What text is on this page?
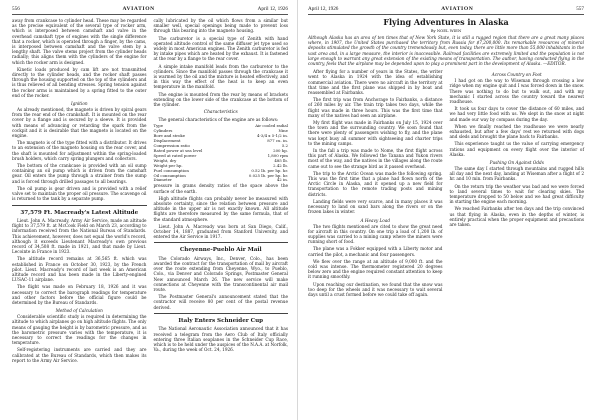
556	AVIATION	April 12, 1926

away from crankcase to cylinder head. These may be regarded as the precise equivalent of the several type of rocker arm, which is interposed between camshaft and valve in the overhead camshaft type of engines with the single difference that a rocker, which is operated through a finger, by the cams, is interposed between camshaft and the valve stem by a lengthy shaft. The valve stems project from the cylinder heads radially; this aligns them with the cylinders of the engine for which the rocker arm is designed.

Kinetic loads produced by cam lift are not transmitted directly to the cylinder heads, and the rocker shaft passes through the housing supported on the top of the cylinders and is thus relieved of all bending stresses. Spring tension against the rocker arms is maintained by a spring fitted to the outer end of the rocker.

Ignition

As already mentioned, the magneto is driven by spiral gears from the rear end of the crankshaft. It is mounted on the rear cover by a flange and is secured by a sleeve. It is provided with means of advancing or retarding the spark from the cockpit and it is desirable that the magneto is located on the engine.

The magneto is of the type fitted with a distributor. It drives to an extension of the magneto housing on the rear cover, and the shaft is mounted for adjustment within the spring-loaded brush holders, which carry spring plungers and collectors.

The bottom of the crankcase is provided with an oil sump containing an oil pump which is driven from the camshaft gear. Oil enters the pump through a strainer from the sump and is forced through drilled passages to all bearings.

The oil pump is gear driven and is provided with a relief valve set to maintain the proper oil pressure. The scavenge oil is returned to the tank by a separate pump.

37,579 Ft. Macready's Latest Altitude

Lieut. John A. Macready, Army Air Service, made an altitude flight to 37,579 ft. at McCook Field on March 23, according to information received from the National Bureau of Standards. This achievement, however, does not equal the world's record, although it exceeds Lieutenant Macready's own previous record of 34,508 ft. made in 1921, and that made by Lieut. Lecointe in France in 1923.

The altitude record remains at 36,565 ft. which was established in France on October 30, 1923, by the French pilot. Lieut. Macready's record of last week is an American altitude record and has been made in the Liberty-engined LUSAC-11 airplane.

The flight was made on February 18, 1926 and it was necessary to correct the barograph readings for temperature and other factors before the official figure could be determined by the Bureau of Standards.

Method of Calculation

Considerable scientific study is required in determining the altitude to which airplanes go on high altitude flights. The only means of gauging the height is by barometric pressure, and as the barometric pressure varies with the temperature, it is necessary to correct the readings for the changes in temperature.

Self-registering instruments are carried and they are calibrated at the Bureau of Standards, which then makes its report to the Army Air Service.

cally lubricated by the oil which flows from a similar but smaller well, special openings being made to prevent loss through this bearing into the magneto housing.

The carburetor is a special type of Zenith with hand operated altitude control of the same diffuser jet type used so widely in most American engines. The Zenith carburetor is fed by intake pipes which are heated by the exhaust. It is fastened at the rear by a flange to the rear cover.

A simple intake manifold leads from the carburetor to the cylinders. Since the manifold passes through the crankcase it is warmed by the oil and the mixture is heated effectively, and in this way the effect of the heat is to keep an even temperature in the manifold.

The engine is mounted from the rear by means of brackets extending on the lower side of the crankcase at the bottom of the cylinder.

Characteristics

The general characteristics of the engine are as follows:

Type	Air cooled radial
Cylinders	Nine
Bore and stroke	4-3/4 x 5-1/2 in.
Displacement	877 cu. in.
Compression ratio	5.2
Rated power at sea level	200 hp.
Speed at rated power	1,800 rpm
Weight, dry	485 lb.
Weight per hp.	2.42 lb.
Fuel consumption	0.52 lb. per hp. hr.
Oil consumption	0.025 lb. per hp. hr.
Diameter	42 in.

pressure in grams density ratios of the space above the surface of the earth.

High altitude flights can probably never be measured with absolute certainty, since the relation between pressure and altitude in the upper air is not exactly known. All altitude flights are therefore measured by the same formula, that of the standard atmosphere.

Lieut. John A. Macready was born at San Diego, Calif., October 14, 1887, graduated from Stanford University, and entered the Air Service in 1917.

Cheyenne-Pueblo Air Mail

The Colorado Airways, Inc., Denver, Colo., has been awarded the contract for the transportation of mail by aircraft over the route extending from Cheyenne, Wyo., to Pueblo, Colo., via Denver and Colorado Springs, Postmaster General New announced March 26. The new service will make connections at Cheyenne with the transcontinental air mail route.

The Postmaster General's announcement stated that the contractor will receive 80 per cent of the postal revenue derived.

Italy Enters Schneider Cup

The National Aeronautic Association announced that it has received a telegram from the Aero Club of Italy officially entering three Italian seaplanes in the Schneider Cup Race, which is to be held under the auspices of the N.A.A. at Norfolk, Va., during the week of Oct. 24, 1926.

April 12, 1926	AVIATION	557
Flying Adventures in Alaska
By NOEL WIEN

Although Alaska has an area of ten times that of New York State, it is still a rugged region that there are a great many places where, in 1907, the United States purchased the territory from Russia for $7,200,000. Its remarkable resources of mineral deposits stimulated the growth of the country tremendously but, even today, there are little more than 55,000 inhabitants in the vast area and, in a large measure, the interior is inaccessible. Railroad facilities are extremely limited and the population is not large enough to warrant any great extension of the existing means of transportation. The author, having conducted flying in the country, feels that the airplane may be depended upon to play a prominent part in the development of Alaska. —EDITOR.

After flying for a number of years in the States, the writer went to Alaska in 1924 with the idea of establishing commercial aviation. There were no aircraft in the territory at that time and the first plane was shipped in by boat and reassembled at Fairbanks.

The first trip was from Anchorage to Fairbanks, a distance of 260 miles by air. The train trip takes two days, while the flight was made in three hours. This was the first time that many of the natives had seen an airplane.

My first flight was made in Fairbanks on July 15, 1924 over the town and the surrounding country. We soon found that there were plenty of passengers wishing to fly, and the plane was kept busy all summer with sightseeing and charter trips to the mining camps.

In the fall a trip was made to Nome, the first flight across this part of Alaska. We followed the Tanana and Yukon rivers most of the way, and the natives in the villages along the route came out to see the strange bird as it passed overhead.

The trip to the Arctic Ocean was made the following spring. This was the first time that a plane had flown north of the Arctic Circle in Alaska, and it opened up a new field for transportation to the remote trading posts and mining districts.

Landing fields were very scarce, and in many places it was necessary to land on sand bars along the rivers or on the frozen lakes in winter.

A Heavy Load

The two flights mentioned are cited to show the great need for aircraft in this country. On one trip a load of 1,200 lb. of supplies was carried to a mining camp where the miners were running short of food.

The plane was a Fokker equipped with a Liberty motor and carried the pilot, a mechanic and four passengers.

We flew over the range at an altitude of 9,000 ft. and the cold was intense. The thermometer registered 20 degrees below zero and the engine required constant attention to keep it running smoothly.

Upon reaching our destination, we found that the snow was too deep for the wheels and it was necessary to wait several days until a crust formed before we could take off again.

Across Country on Foot

I had got on the way to Wiseman through crossing a low ridge when my engine quit and I was forced down in the snow. There was nothing to do but to walk out, and with my mechanic I started across the country toward the nearest roadhouse.

It took us four days to cover the distance of 60 miles, and we had very little food with us. We slept in the snow at night and made our way by compass during the day.

When we finally reached the roadhouse we were nearly exhausted, but after a few days' rest we returned with dogs and sleds and brought the plane back to Fairbanks.

This experience taught us the value of carrying emergency rations and equipment on every flight over the interior of Alaska.

Pushing On Against Odds

The same day I started through mountains and rugged hills all day and the next day, landing at Wiseman after a flight of 2 hr. and 10 min. from Fairbanks.

On the return trip the weather was bad and we were forced to land several times to wait for clearing skies. The temperature dropped to 50 below and we had great difficulty in starting the engine each morning.

We reached Fairbanks after ten days and the trip convinced us that flying in Alaska, even in the depths of winter, is entirely practical when the proper equipment and precautions are taken.
